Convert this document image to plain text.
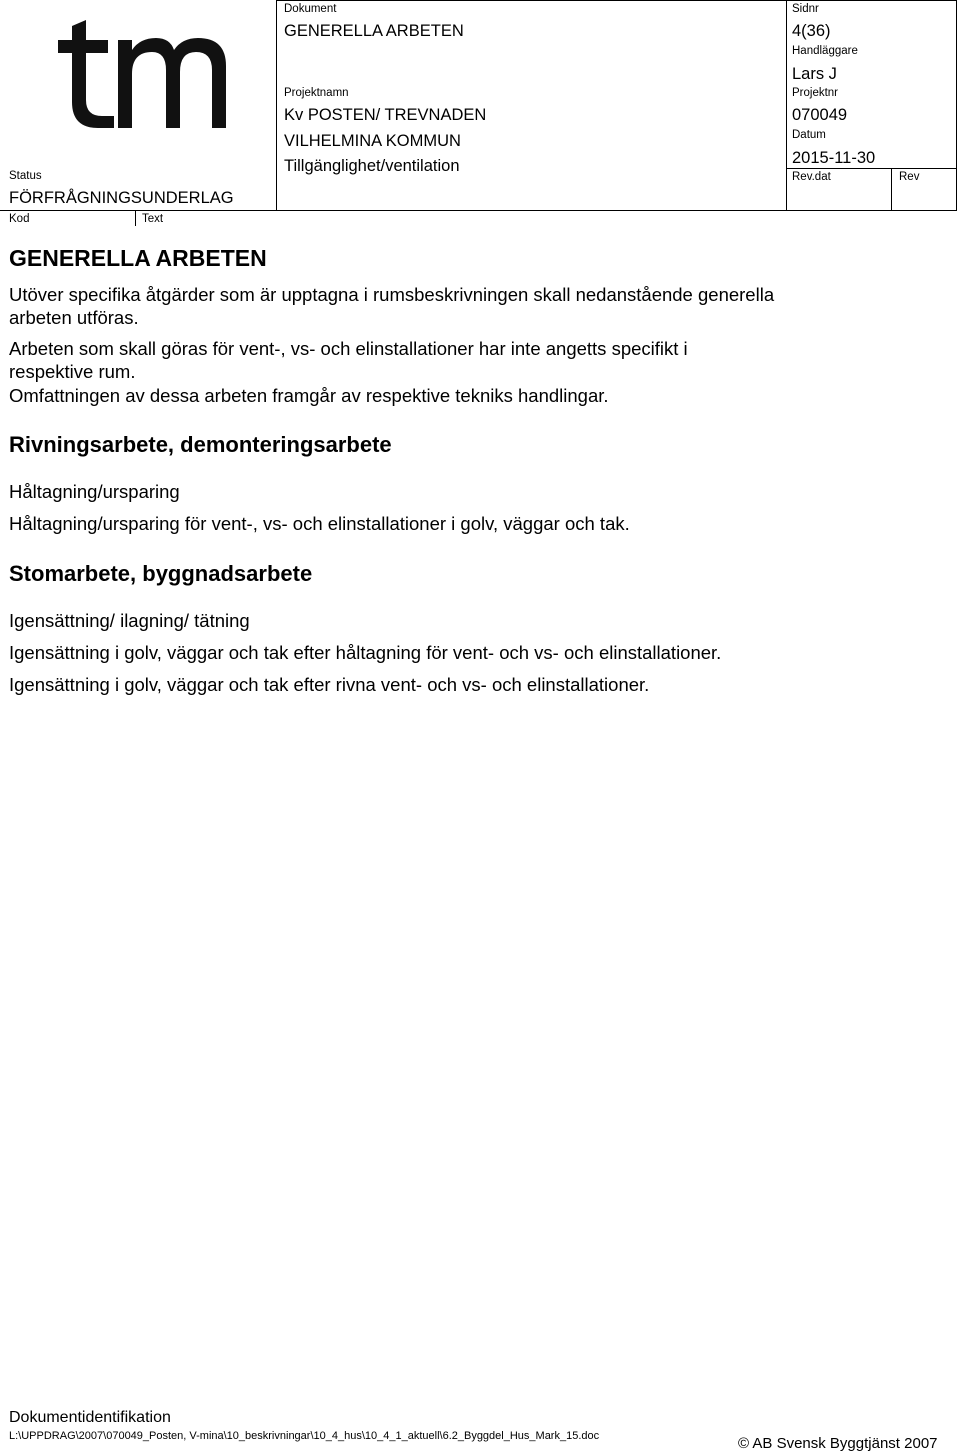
Dokument
GENERELLA ARBETEN
Projektnamn
Kv POSTEN/ TREVNADEN
VILHELMINA KOMMUN
Tillgänglighet/ventilation
Sidnr
4(36)
Handläggare
Lars J
Projektnr
070049
Datum
2015-11-30
Rev.dat	Rev
Status
FÖRFRÅGNINGSUNDERLAG
Kod	Text
GENERELLA ARBETEN
Utöver specifika åtgärder som är upptagna i rumsbeskrivningen skall nedanstående generella
arbeten utföras.
Arbeten som skall göras för vent-, vs- och elinstallationer har inte angetts specifikt i
respektive rum.
Omfattningen av dessa arbeten framgår av respektive tekniks handlingar.
Rivningsarbete, demonteringsarbete
Håltagning/ursparing
Håltagning/ursparing för vent-, vs- och elinstallationer i golv, väggar och tak.
Stomarbete, byggnadsarbete
Igensättning/ ilagning/ tätning
Igensättning i golv, väggar och tak efter håltagning för vent- och vs- och elinstallationer.
Igensättning i golv, väggar och tak efter rivna vent- och vs- och elinstallationer.
Dokumentidentifikation
L:\UPPDRAG\2007\070049_Posten, V-mina\10_beskrivningar\10_4_hus\10_4_1_aktuell\6.2_Byggdel_Hus_Mark_15.doc	© AB Svensk Byggtjänst 2007
